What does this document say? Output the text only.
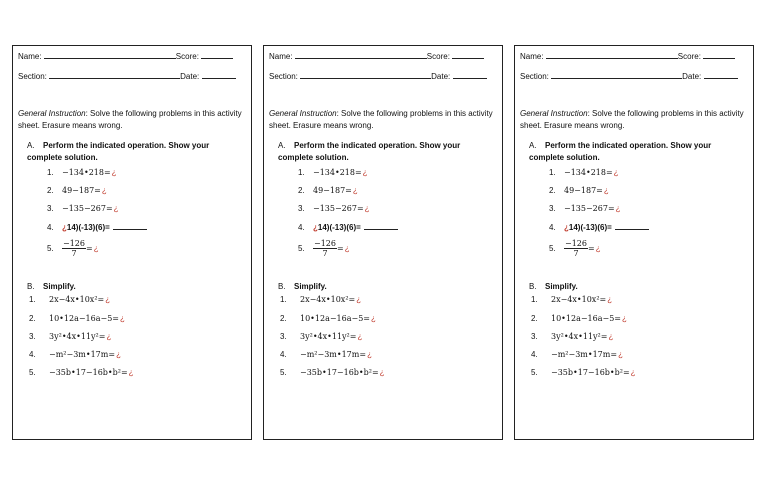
Name:	Score:
Section:	Date:
General Instruction: Solve the following problems in this activity sheet. Erasure means wrong.
A. Perform the indicated operation. Show your complete solution.
1. −134•218=¿
2. 49−187=¿
3. −135−267=¿
4. ¿14)(-13)(6)=
5. $\frac{-126}{7}$ =¿
B. Simplify.
1. 2x−4x•10x²=¿
2. 10•12a−16a−5=¿
3. 3y²•4x•11y²=¿
4. −m²−3m•17m=¿
5. −35b•17−16b•b²=¿
Name:	Score:
Section:	Date:
General Instruction: Solve the following problems in this activity sheet. Erasure means wrong.
A. Perform the indicated operation. Show your complete solution.
1. −134•218=¿
2. 49−187=¿
3. −135−267=¿
4. ¿14)(-13)(6)=
5. $\frac{-126}{7}$ =¿
B. Simplify.
1. 2x−4x•10x²=¿
2. 10•12a−16a−5=¿
3. 3y²•4x•11y²=¿
4. −m²−3m•17m=¿
5. −35b•17−16b•b²=¿
Name:	Score:
Section:	Date:
General Instruction: Solve the following problems in this activity sheet. Erasure means wrong.
A. Perform the indicated operation. Show your complete solution.
1. −134•218=¿
2. 49−187=¿
3. −135−267=¿
4. ¿14)(-13)(6)=
5. $\frac{-126}{7}$ =¿
B. Simplify.
1. 2x−4x•10x²=¿
2. 10•12a−16a−5=¿
3. 3y²•4x•11y²=¿
4. −m²−3m•17m=¿
5. −35b•17−16b•b²=¿
